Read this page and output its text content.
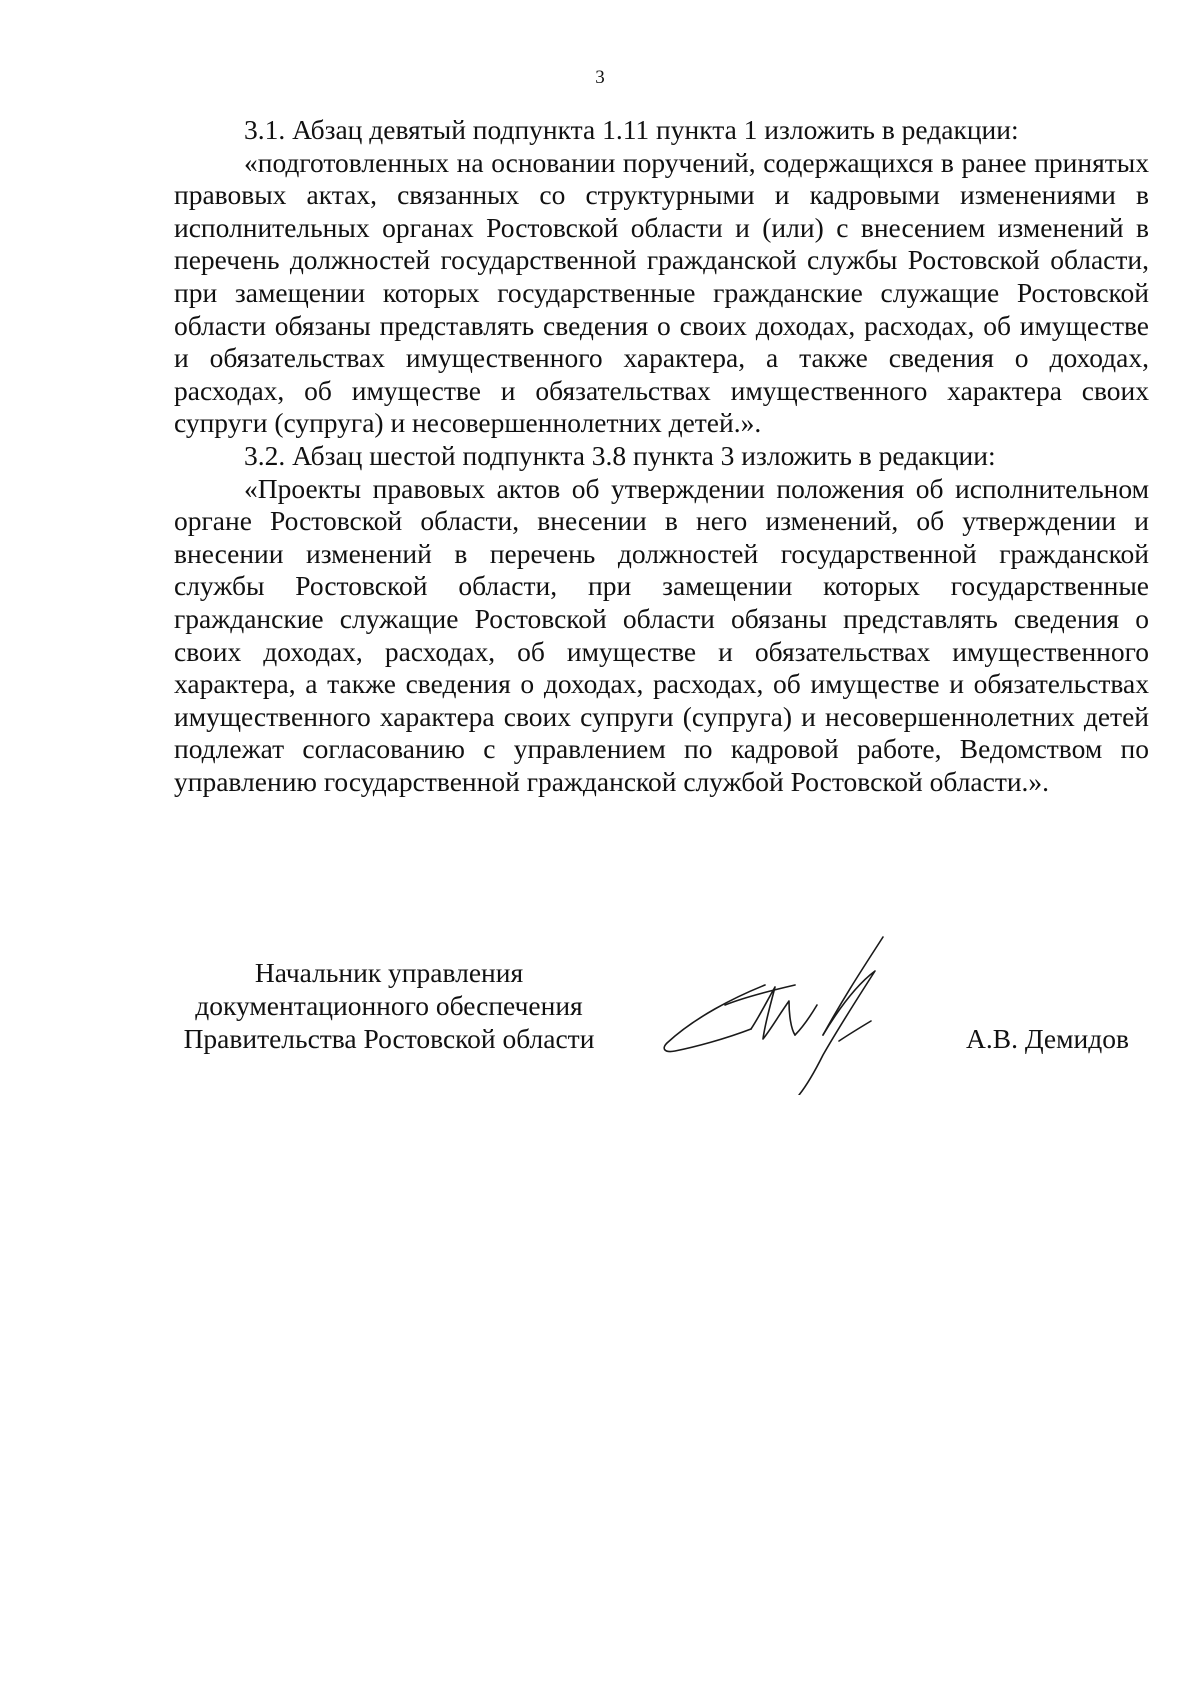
3

3.1. Абзац девятый подпункта 1.11 пункта 1 изложить в редакции:

«подготовленных на основании поручений, содержащихся в ранее принятых правовых актах, связанных со структурными и кадровыми изменениями в исполнительных органах Ростовской области и (или) с внесением изменений в перечень должностей государственной гражданской службы Ростовской области, при замещении которых государственные гражданские служащие Ростовской области обязаны представлять сведения о своих доходах, расходах, об имуществе и обязательствах имущественного характера, а также сведения о доходах, расходах, об имуществе и обязательствах имущественного характера своих супруги (супруга) и несовершеннолетних детей.».

3.2. Абзац шестой подпункта 3.8 пункта 3 изложить в редакции:

«Проекты правовых актов об утверждении положения об исполнительном органе Ростовской области, внесении в него изменений, об утверждении и внесении изменений в перечень должностей государственной гражданской службы Ростовской области, при замещении которых государственные гражданские служащие Ростовской области обязаны представлять сведения о своих доходах, расходах, об имуществе и обязательствах имущественного характера, а также сведения о доходах, расходах, об имуществе и обязательствах имущественного характера своих супруги (супруга) и несовершеннолетних детей подлежат согласованию с управлением по кадровой работе, Ведомством по управлению государственной гражданской службой Ростовской области.».

Начальник управления
документационного обеспечения
Правительства Ростовской области	А.В. Демидов
